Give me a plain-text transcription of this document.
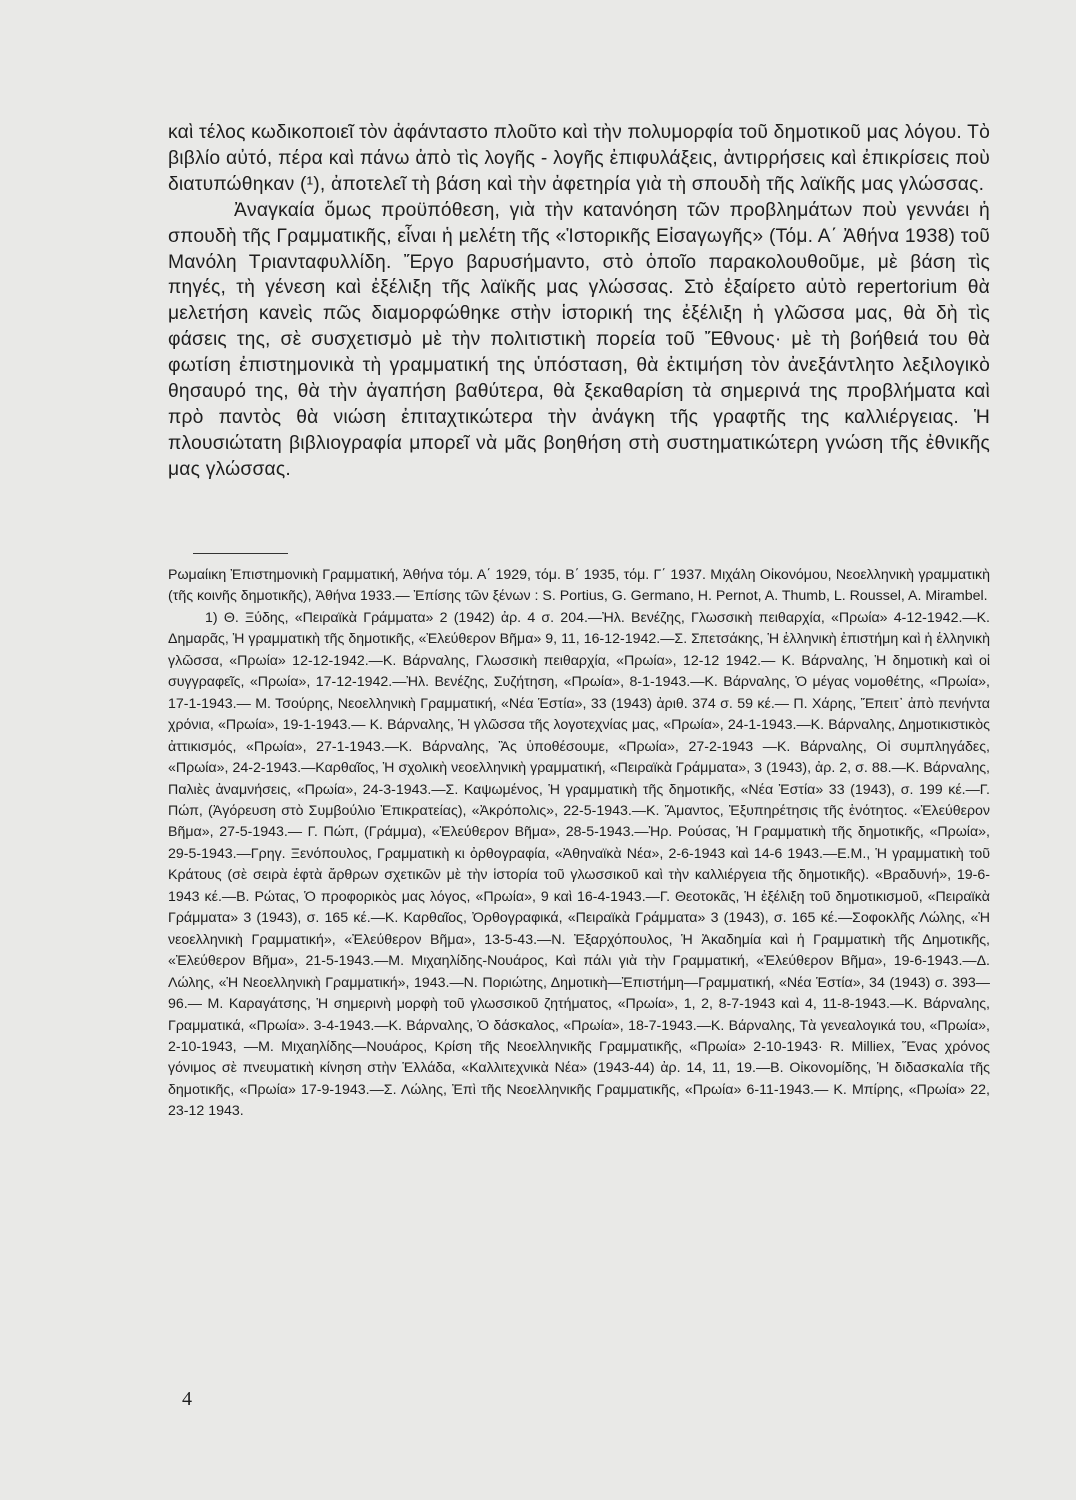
καὶ τέλος κωδικοποιεῖ τὸν ἀφάνταστο πλοῦτο καὶ τὴν πολυμορφία τοῦ δημοτικοῦ μας λόγου. Τὸ βιβλίο αὐτό, πέρα καὶ πάνω ἀπὸ τὶς λογῆς - λογῆς ἐπιφυλάξεις, ἀντιρρήσεις καὶ ἐπικρίσεις ποὺ διατυπώθηκαν (¹), ἀποτελεῖ τὴ βάση καὶ τὴν ἀφετηρία γιὰ τὴ σπουδὴ τῆς λαϊκῆς μας γλώσσας.

Ἀναγκαία ὅμως προϋπόθεση, γιὰ τὴν κατανόηση τῶν προβλημάτων ποὺ γεννάει ἡ σπουδὴ τῆς Γραμματικῆς, εἶναι ἡ μελέτη τῆς «Ἱστορικῆς Εἰσαγωγῆς» (Τόμ. Α΄ Ἀθήνα 1938) τοῦ Μανόλη Τριανταφυλλίδη. Ἔργο βαρυσήμαντο, στὸ ὁποῖο παρακολουθοῦμε, μὲ βάση τὶς πηγές, τὴ γένεση καὶ ἐξέλιξη τῆς λαϊκῆς μας γλώσσας. Στὸ ἐξαίρετο αὐτὸ repertorium θὰ μελετήση κανεὶς πῶς διαμορφώθηκε στὴν ἱστορική της ἐξέλιξη ἡ γλῶσσα μας, θὰ δὴ τὶς φάσεις της, σὲ συσχετισμὸ μὲ τὴν πολιτιστικὴ πορεία τοῦ Ἔθνους· μὲ τὴ βοήθειά του θὰ φωτίση ἐπιστημονικὰ τὴ γραμματική της ὑπόσταση, θὰ ἐκτιμήση τὸν ἀνεξάντλητο λεξιλογικὸ θησαυρό της, θὰ τὴν ἀγαπήση βαθύτερα, θὰ ξεκαθαρίση τὰ σημερινά της προβλήματα καὶ πρὸ παντὸς θὰ νιώση ἐπιταχτικώτερα τὴν ἀνάγκη τῆς γραφτῆς της καλλιέργειας. Ἡ πλουσιώτατη βιβλιογραφία μπορεῖ νὰ μᾶς βοηθήση στὴ συστηματικώτερη γνώση τῆς ἐθνικῆς μας γλώσσας.

Ρωμαίικη Ἐπιστημονικὴ Γραμματική, Ἀθήνα τόμ. Α΄ 1929, τόμ. Β΄ 1935, τόμ. Γ΄ 1937. Μιχάλη Οἰκονόμου, Νεοελληνικὴ γραμματικὴ (τῆς κοινῆς δημοτικῆς), Ἀθήνα 1933.— Ἐπίσης τῶν ξένων : S. Portius, G. Germano, H. Pernot, A. Thumb, L. Roussel, A. Mirambel.

1) Θ. Ξύδης, «Πειραϊκὰ Γράμματα» 2 (1942) ἀρ. 4 σ. 204.—Ἠλ. Βενέζης, Γλωσσικὴ πειθαρχία, «Πρωία» 4-12-1942.—Κ. Δημαρᾶς, Ἡ γραμματικὴ τῆς δημοτικῆς, «Ἐλεύθερον Βῆμα» 9, 11, 16-12-1942.—Σ. Σπετσάκης, Ἡ ἑλληνικὴ ἐπιστήμη καὶ ἡ ἑλληνικὴ γλῶσσα, «Πρωία» 12-12-1942.—Κ. Βάρναλης, Γλωσσικὴ πειθαρχία, «Πρωία», 12-12 1942.— Κ. Βάρναλης, Ἡ δημοτικὴ καὶ οἱ συγγραφεῖς, «Πρωία», 17-12-1942.—Ἠλ. Βενέζης, Συζήτηση, «Πρωία», 8-1-1943.—Κ. Βάρναλης, Ὁ μέγας νομοθέτης, «Πρωία», 17-1-1943.— Μ. Τσούρης, Νεοελληνικὴ Γραμματική, «Νέα Ἑστία», 33 (1943) ἀριθ. 374 σ. 59 κέ.— Π. Χάρης, Ἔπειτ᾿ ἀπὸ πενήντα χρόνια, «Πρωία», 19-1-1943.— Κ. Βάρναλης, Ἡ γλῶσσα τῆς λογοτεχνίας μας, «Πρωία», 24-1-1943.—Κ. Βάρναλης, Δημοτικιστικὸς ἀττικισμός, «Πρωία», 27-1-1943.—Κ. Βάρναλης, Ἂς ὑποθέσουμε, «Πρωία», 27-2-1943 —Κ. Βάρναλης, Οἱ συμπληγάδες, «Πρωία», 24-2-1943.—Καρθαῖος, Ἡ σχολικὴ νεοελληνικὴ γραμματική, «Πειραϊκὰ Γράμματα», 3 (1943), ἀρ. 2, σ. 88.—Κ. Βάρναλης, Παλιὲς ἀναμνήσεις, «Πρωία», 24-3-1943.—Σ. Καψωμένος, Ἡ γραμματικὴ τῆς δημοτικῆς, «Νέα Ἑστία» 33 (1943), σ. 199 κέ.—Γ. Πώπ, (Ἀγόρευση στὸ Συμβούλιο Ἐπικρατείας), «Ἀκρόπολις», 22-5-1943.—Κ. Ἄμαντος, Ἐξυπηρέτησις τῆς ἑνότητος. «Ἐλεύθερον Βῆμα», 27-5-1943.— Γ. Πώπ, (Γράμμα), «Ἐλεύθερον Βῆμα», 28-5-1943.—Ἠρ. Ρούσας, Ἡ Γραμματικὴ τῆς δημοτικῆς, «Πρωία», 29-5-1943.—Γρηγ. Ξενόπουλος, Γραμματικὴ κι ὀρθογραφία, «Ἀθηναϊκὰ Νέα», 2-6-1943 καὶ 14-6 1943.—Ε.Μ., Ἡ γραμματικὴ τοῦ Κράτους (σὲ σειρὰ ἑφτὰ ἄρθρων σχετικῶν μὲ τὴν ἱστορία τοῦ γλωσσικοῦ καὶ τὴν καλλιέργεια τῆς δημοτικῆς). «Βραδυνή», 19-6-1943 κέ.—Β. Ρώτας, Ὁ προφορικὸς μας λόγος, «Πρωία», 9 καὶ 16-4-1943.—Γ. Θεοτοκᾶς, Ἡ ἐξέλιξη τοῦ δημοτικισμοῦ, «Πειραϊκὰ Γράμματα» 3 (1943), σ. 165 κέ.—Κ. Καρθαῖος, Ὀρθογραφικά, «Πειραϊκὰ Γράμματα» 3 (1943), σ. 165 κέ.—Σοφοκλῆς Λώλης, «Ἡ νεοελληνικὴ Γραμματική», «Ἐλεύθερον Βῆμα», 13-5-43.—Ν. Ἐξαρχόπουλος, Ἡ Ἀκαδημία καὶ ἡ Γραμματικὴ τῆς Δημοτικῆς, «Ἐλεύθερον Βῆμα», 21-5-1943.—Μ. Μιχαηλίδης-Νουάρος, Καὶ πάλι γιὰ τὴν Γραμματική, «Ἐλεύθερον Βῆμα», 19-6-1943.—Δ. Λώλης, «Ἡ Νεοελληνικὴ Γραμματική», 1943.—Ν. Ποριώτης, Δημοτικὴ—Ἐπιστήμη—Γραμματική, «Νέα Ἑστία», 34 (1943) σ. 393—96.— Μ. Καραγάτσης, Ἡ σημερινὴ μορφὴ τοῦ γλωσσικοῦ ζητήματος, «Πρωία», 1, 2, 8-7-1943 καὶ 4, 11-8-1943.—Κ. Βάρναλης, Γραμματικά, «Πρωία». 3-4-1943.—Κ. Βάρναλης, Ὁ δάσκαλος, «Πρωία», 18-7-1943.—Κ. Βάρναλης, Τὰ γενεαλογικά του, «Πρωία», 2-10-1943, —Μ. Μιχαηλίδης—Νουάρος, Κρίση τῆς Νεοελληνικῆς Γραμματικῆς, «Πρωία» 2-10-1943· R. Milliex, Ἕνας χρόνος γόνιμος σὲ πνευματικὴ κίνηση στὴν Ἑλλάδα, «Καλλιτεχνικὰ Νέα» (1943-44) ἀρ. 14, 11, 19.—Β. Οἰκονομίδης, Ἡ διδασκαλία τῆς δημοτικῆς, «Πρωία» 17-9-1943.—Σ. Λώλης, Ἐπὶ τῆς Νεοελληνικῆς Γραμματικῆς, «Πρωία» 6-11-1943.— Κ. Μπίρης, «Πρωία» 22, 23-12 1943.

4
